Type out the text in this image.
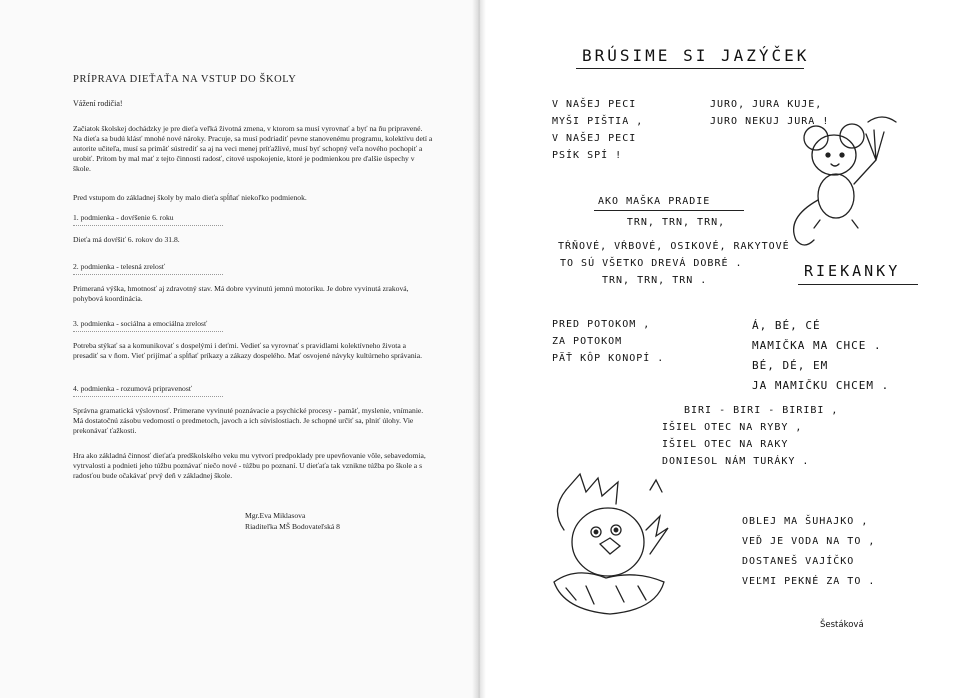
PRÍPRAVA DIEŤAŤA NA VSTUP DO ŠKOLY
Vážení rodičia!
Začiatok školskej dochádzky je pre dieťa veľká životná zmena, v ktorom sa musí vyrovnať a byť na ňu pripravené. Na dieťa sa budú klásť mnohé nové nároky. Pracuje, sa musí podriadiť pevne stanovenému programu, kolektívu detí a autorite učiteľa, musí sa primäť sústrediť sa aj na veci menej príťažlivé, musí byť schopný veľa nového pochopiť a urobiť. Pritom by mal mať z tejto činnosti radosť, citové uspokojenie, ktoré je podmienkou pre ďalšie úspechy v škole.
Pred vstupom do základnej školy by malo dieťa spĺňať niekoľko podmienok.
1. podmienka - dovŕšenie 6. roku
Dieťa má dovŕšiť 6. rokov do 31.8.
2. podmienka - telesná zrelosť
Primeraná výška, hmotnosť aj zdravotný stav. Má dobre vyvinutú jemnú motoriku. Je dobre vyvinutá zraková, pohybová koordinácia.
3. podmienka - sociálna a emociálna zrelosť
Potreba stýkať sa a komunikovať s dospelými i deťmi. Vedieť sa vyrovnať s pravidlami kolektívneho života a presadiť sa v ňom. Vieť prijímať a spĺňať príkazy a zákazy dospelého. Mať osvojené návyky kultúrneho správania.
4. podmienka - rozumová pripravenosť
Správna gramatická výslovnosť. Primerane vyvinuté poznávacie a psychické procesy - pamäť, myslenie, vnímanie. Má dostatočnú zásobu vedomostí o predmetoch, javoch a ich súvislostiach. Je schopné určiť sa, plniť úlohy. Vie prekonávať ťažkosti.
Hra ako základná činnosť dieťaťa predškolského veku mu vytvorí predpoklady pre upevňovanie vôle, sebavedomia, vytrvalosti a podnieti jeho túžbu poznávať niečo nové - túžbu po poznaní. U dieťaťa tak vznikne túžba po škole a s radosťou bude očakávať prvý deň v základnej škole.
Mgr.Eva Miklasova
Riaditeľka MŠ Bodovateľská 8
BRÚSIME SI JAZÝČEK
V NAŠEJ PECI
MYŠI PIŠTIA ,
V NAŠEJ PECI
PSÍK SPÍ !
JURO, JURA KUJE,
JURO NEKUJ JURA !
AKO MAŠKA PRADIE
TRN, TRN, TRN,
TŔŇOVÉ, VŔBOVÉ, OSIKOVÉ, RAKYTOVÉ
TO SÚ VŠETKO DREVÁ DOBRÉ .
TRN, TRN, TRN .
RIEKANKY
PRED POTOKOM ,
ZA POTOKOM
PÄŤ KÔP KONOPÍ .
Á, BÉ, CÉ
MAMIČKA MA CHCE .
BÉ, DÉ, EM
JA MAMIČKU CHCEM .
BIRI - BIRI - BIRIBI ,
IŠIEL OTEC NA RYBY ,
IŠIEL OTEC NA RAKY
DONIESOL NÁM TURÁKY .
OBLEJ MA ŠUHAJKO ,
VEĎ JE VODA NA TO ,
DOSTANEŠ VAJÍČKO
VEĽMI PEKNÉ ZA TO .
Šestáková
